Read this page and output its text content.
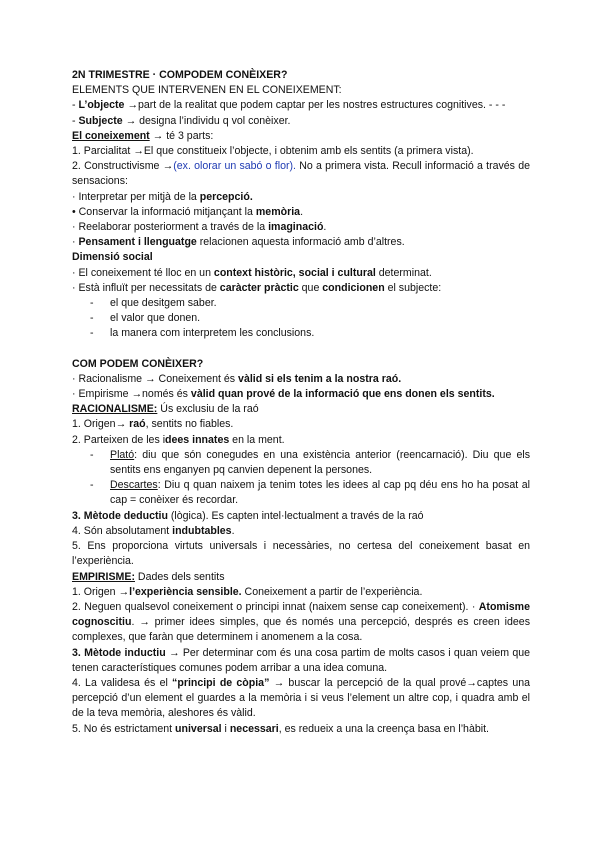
2N TRIMESTRE · COMPODEM CONÈIXER?
ELEMENTS QUE INTERVENEN EN EL CONEIXEMENT:
- L’objecte →part de la realitat que podem captar per les nostres estructures cognitives. - - -
- Subjecte → designa l’individu q vol conèixer.
El coneixement → té 3 parts:
1. Parcialitat →El que constitueix l’objecte, i obtenim amb els sentits (a primera vista).
2. Constructivisme →(ex. olorar un sabó o flor). No a primera vista. Recull informació a través de sensacions:
· Interpretar per mitjà de la percepció.
• Conservar la informació mitjançant la memòria.
· Reelaborar posteriorment a través de la imaginació.
· Pensament i llenguatge relacionen aquesta informació amb d’altres.
Dimensió social
· El coneixement té lloc en un context històric, social i cultural determinat.
· Està influït per necessitats de caràcter pràctic que condicionen el subjecte:
-	el que desitgem saber.
-	el valor que donen.
-	la manera com interpretem les conclusions.
COM PODEM CONÈIXER?
· Racionalisme → Coneixement és vàlid si els tenim a la nostra raó.
· Empirisme →només és vàlid quan prové de la informació que ens donen els sentits.
RACIONALISME: Ús exclusiu de la raó
1. Origen→ raó, sentits no fiables.
2. Parteixen de les idees innates en la ment.
-	Plató: diu que són conegudes en una existència anterior (reencarnació). Diu que els sentits ens enganyen pq canvien depenent la persones.
-	Descartes: Diu q quan naixem ja tenim totes les idees al cap pq déu ens ho ha posat al cap = conèixer és recordar.
3. Mètode deductiu (lògica). Es capten intel·lectualment a través de la raó
4. Són absolutament indubtables.
5. Ens proporciona virtuts universals i necessàries, no certesa del coneixement basat en l’experiència.
EMPIRISME: Dades dels sentits
1. Origen →l’experiència sensible. Coneixement a partir de l’experiència.
2. Neguen qualsevol coneixement o principi innat (naixem sense cap coneixement). · Atomisme cognoscitiu. → primer idees simples, que és només una percepció, després es creen idees complexes, que faràn que determinem i anomenem a la cosa.
3. Mètode inductiu → Per determinar com és una cosa partim de molts casos i quan veiem que tenen característiques comunes podem arribar a una idea comuna.
4. La validesa és el “principi de còpia” → buscar la percepció de la qual prové→captes una percepció d’un element el guardes a la memòria i si veus l’element un altre cop, i quadra amb el de la teva memòria, aleshores és vàlid.
5. No és estrictament universal i necessari, es redueix a una la creença basa en l’hàbit.
